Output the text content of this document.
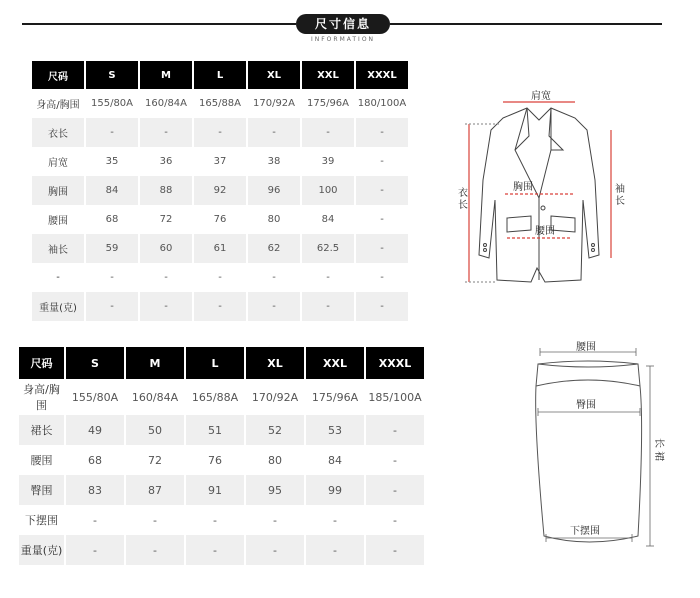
尺寸信息
INFORMATION
尺码	S	M	L	XL	XXL	XXXL
身高/胸围	155/80A	160/84A	165/88A	170/92A	175/96A	180/100A
衣长	-	-	-	-	-	-
肩宽	35	36	37	38	39	-
胸围	84	88	92	96	100	-
腰围	68	72	76	80	84	-
袖长	59	60	61	62	62.5	-
-	-	-	-	-	-	-
重量(克)	-	-	-	-	-	-
肩宽
胸围
腰围
衣长
袖长
尺码	S	M	L	XL	XXL	XXXL
身高/胸围	155/80A	160/84A	165/88A	170/92A	175/96A	185/100A
裙长	49	50	51	52	53	-
腰围	68	72	76	80	84	-
臀围	83	87	91	95	99	-
下摆围	-	-	-	-	-	-
重量(克)	-	-	-	-	-	-
腰围
臀围
下摆围
长 裙
